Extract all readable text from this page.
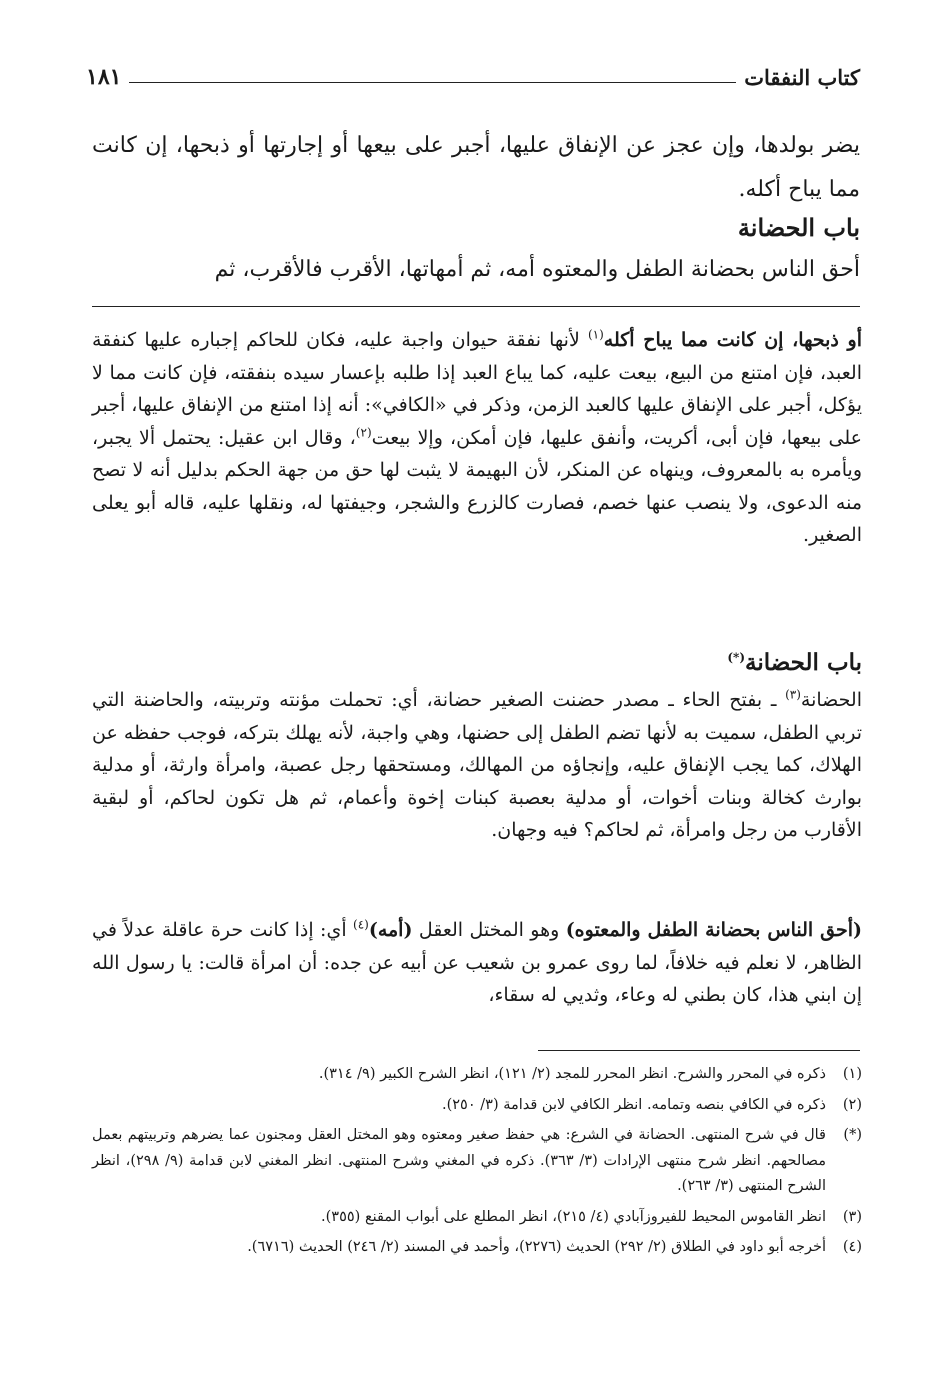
كتاب النفقات
١٨١
يضر بولدها، وإن عجز عن الإنفاق عليها، أجبر على بيعها أو إجارتها أو ذبحها، إن كانت مما يباح أكله.
باب الحضانة
أحق الناس بحضانة الطفل والمعتوه أمه، ثم أمهاتها، الأقرب فالأقرب، ثم
أو ذبحها، إن كانت مما يباح أكله$^{(١)}$ لأنها نفقة حيوان واجبة عليه، فكان للحاكم إجباره عليها كنفقة العبد، فإن امتنع من البيع، بيعت عليه، كما يباع العبد إذا طلبه بإعسار سيده بنفقته، فإن كانت مما لا يؤكل، أجبر على الإنفاق عليها كالعبد الزمن، وذكر في «الكافي»: أنه إذا امتنع من الإنفاق عليها، أجبر على بيعها، فإن أبى، أكريت، وأنفق عليها، فإن أمكن، وإلا بيعت$^{(٢)}$، وقال ابن عقيل: يحتمل ألا يجبر، ويأمره به بالمعروف، وينهاه عن المنكر، لأن البهيمة لا يثبت لها حق من جهة الحكم بدليل أنه لا تصح منه الدعوى، ولا ينصب عنها خصم، فصارت كالزرع والشجر، وجيفتها له، ونقلها عليه، قاله أبو يعلى الصغير.
باب الحضانة(*)
الحضانة$^{(٣)}$ ـ بفتح الحاء ـ مصدر حضنت الصغير حضانة، أي: تحملت مؤنته وتربيته، والحاضنة التي تربي الطفل، سميت به لأنها تضم الطفل إلى حضنها، وهي واجبة، لأنه يهلك بتركه، فوجب حفظه عن الهلاك، كما يجب الإنفاق عليه، وإنجاؤه من المهالك، ومستحقها رجل عصبة، وامرأة وارثة، أو مدلية بوارث كخالة وبنات أخوات، أو مدلية بعصبة كبنات إخوة وأعمام، ثم هل تكون لحاكم، أو لبقية الأقارب من رجل وامرأة، ثم لحاكم؟ فيه وجهان.
(أحق الناس بحضانة الطفل والمعتوه) وهو المختل العقل (أمه)$^{(٤)}$ أي: إذا كانت حرة عاقلة عدلاً في الظاهر، لا نعلم فيه خلافاً، لما روى عمرو بن شعيب عن أبيه عن جده: أن امرأة قالت: يا رسول الله إن ابني هذا، كان بطني له وعاء، وثديي له سقاء،
(١)
ذكره في المحرر والشرح. انظر المحرر للمجد (٢/ ١٢١)، انظر الشرح الكبير (٩/ ٣١٤).
(٢)
ذكره في الكافي بنصه وتمامه. انظر الكافي لابن قدامة (٣/ ٢٥٠).
(*)
قال في شرح المنتهى. الحضانة في الشرع: هي حفظ صغير ومعتوه وهو المختل العقل ومجنون عما يضرهم وتربيتهم بعمل مصالحهم. انظر شرح منتهى الإرادات (٣/ ٣٦٣). ذكره في المغني وشرح المنتهى. انظر المغني لابن قدامة (٩/ ٢٩٨)، انظر الشرح المنتهى (٣/ ٢٦٣).
(٣)
انظر القاموس المحيط للفيروزآبادي (٤/ ٢١٥)، انظر المطلع على أبواب المقنع (٣٥٥).
(٤)
أخرجه أبو داود في الطلاق (٢/ ٢٩٢) الحديث (٢٢٧٦)، وأحمد في المسند (٢/ ٢٤٦) الحديث (٦٧١٦).
